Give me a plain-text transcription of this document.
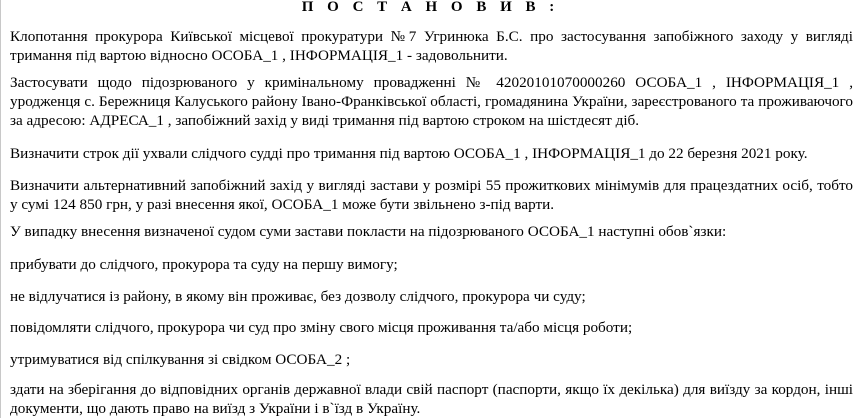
П О С Т А Н О В И В :

Клопотання прокурора Київської місцевої прокуратури №7 Угринюка Б.С. про застосування запобіжного заходу у вигляді тримання під вартою відносно ОСОБА_1 , ІНФОРМАЦІЯ_1 - задовольнити.

Застосувати щодо підозрюваного у кримінальному провадженні № 42020101070000260 ОСОБА_1 , ІНФОРМАЦІЯ_1 , уродженця с. Бережниця Калуського району Івано-Франківської області, громадянина України, зареєстрованого та проживаючого за адресою: АДРЕСА_1 , запобіжний захід у виді тримання під вартою строком на шістдесят діб.

Визначити строк дії ухвали слідчого судді про тримання під вартою ОСОБА_1 , ІНФОРМАЦІЯ_1 до 22 березня 2021 року.

Визначити альтернативний запобіжний захід у вигляді застави у розмірі 55 прожиткових мінімумів для працездатних осіб, тобто у сумі 124 850 грн, у разі внесення якої, ОСОБА_1 може бути звільнено з-під варти.

У випадку внесення визначеної судом суми застави покласти на підозрюваного ОСОБА_1 наступні обов`язки:

прибувати до слідчого, прокурора та суду на першу вимогу;

не відлучатися із району, в якому він проживає, без дозволу слідчого, прокурора чи суду;

повідомляти слідчого, прокурора чи суд про зміну свого місця проживання та/або місця роботи;

утримуватися від спілкування зі свідком ОСОБА_2 ;

здати на зберігання до відповідних органів державної влади свій паспорт (паспорти, якщо їх декілька) для виїзду за кордон, інші документи, що дають право на виїзд з України і в`їзд в Україну.
